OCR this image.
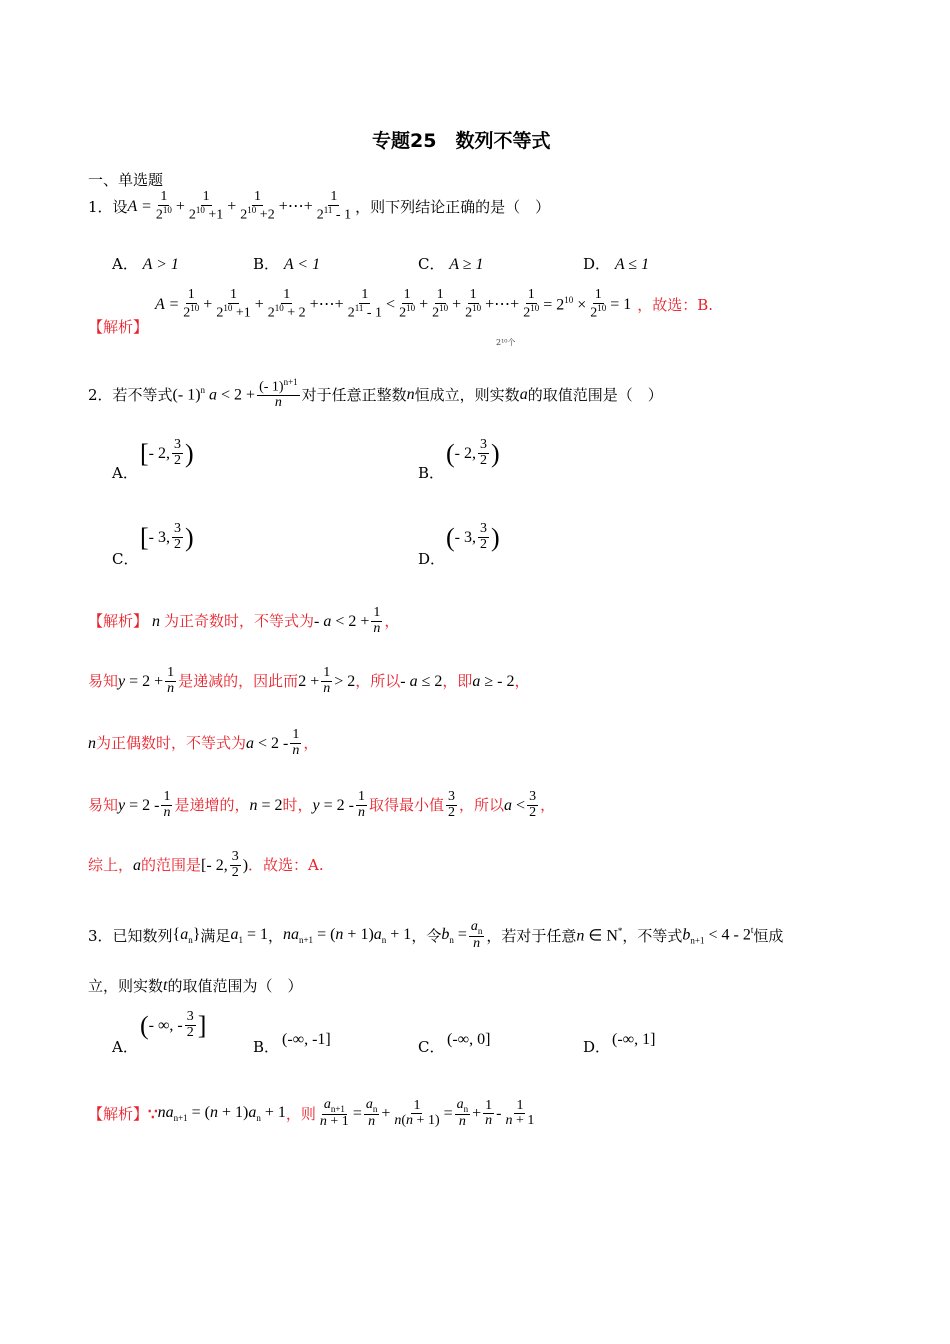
专题25　数列不等式
一、单选题
1．设 $A = \frac{1}{2^{10}} + \frac{1}{2^{10} +1} + \frac{1}{2^{10} +2}$ +⋯+ $\frac{1}{2^{11} - 1}$ ，则下列结论正确的是（　）
A． A > 1	B． A < 1	C． A ≥ 1	D． A ≤ 1
【解析】
$A = \frac{1}{2^{10}} + \frac{1}{2^{10} +1} + \frac{1}{2^{10} + 2}$ +⋯+ $\frac{1}{2^{11} - 1} < \frac{1}{2^{10}} + \frac{1}{2^{10}} + \frac{1}{2^{10}}$ +⋯+ $\frac{1}{2^{10}} = 2^{10} \times \frac{1}{2^{10}} = 1$ ，故选：B.
2¹⁰个
2．若不等式 (- 1)$^n$ $a < 2 + \frac{(- 1)^{n+1}}{n}$ 对于任意正整数 n 恒成立，则实数 a 的取值范围是（　）
A．
[ - 2, $\frac{3}{2}$ )
B．
( - 2, $\frac{3}{2}$ )
C．
[ - 3, $\frac{3}{2}$ )
D．
( - 3, $\frac{3}{2}$ )
【解析】 n 为正奇数时，不等式为 - $a < 2 + \frac{1}{n}$ ，
易知 $y = 2 + \frac{1}{n}$ 是递减的，因此而 $2 + \frac{1}{n} > 2$ ，所以 - a ≤ 2 ，即 a ≥ - 2 ，
n 为正偶数时，不等式为 $a < 2 - \frac{1}{n}$ ，
易知 $y = 2 - \frac{1}{n}$ 是递增的， n = 2 时， $y = 2 - \frac{1}{n}$ 取得最小值 $\frac{3}{2}$ ，所以 $a < \frac{3}{2}$ ，
综上， a 的范围是 [- 2, $\frac{3}{2}$ ) ．故选：A.
3．已知数列 $\{a_n\}$ 满足 $a_1 = 1$ ， $na_{n+1} = (n + 1)a_n + 1$ ，令 $b_n = \frac{a_n}{n}$ ，若对于任意 n ∈ N* ，不等式 $b_{n+1} < 4 - 2^t$ 恒成
立，则实数 t 的取值范围为（　）
A．
( - ∞, - $\frac{3}{2}$ ]
B． (-∞, -1]	C． (-∞, 0]	D． (-∞, 1]
【解析】 ∵ $na_{n+1} = (n + 1)a_n + 1$ ，则 $\frac{a_{n+1}}{n + 1} = \frac{a_n}{n} + \frac{1}{n(n + 1)} = \frac{a_n}{n} + \frac{1}{n} - \frac{1}{n + 1}$
